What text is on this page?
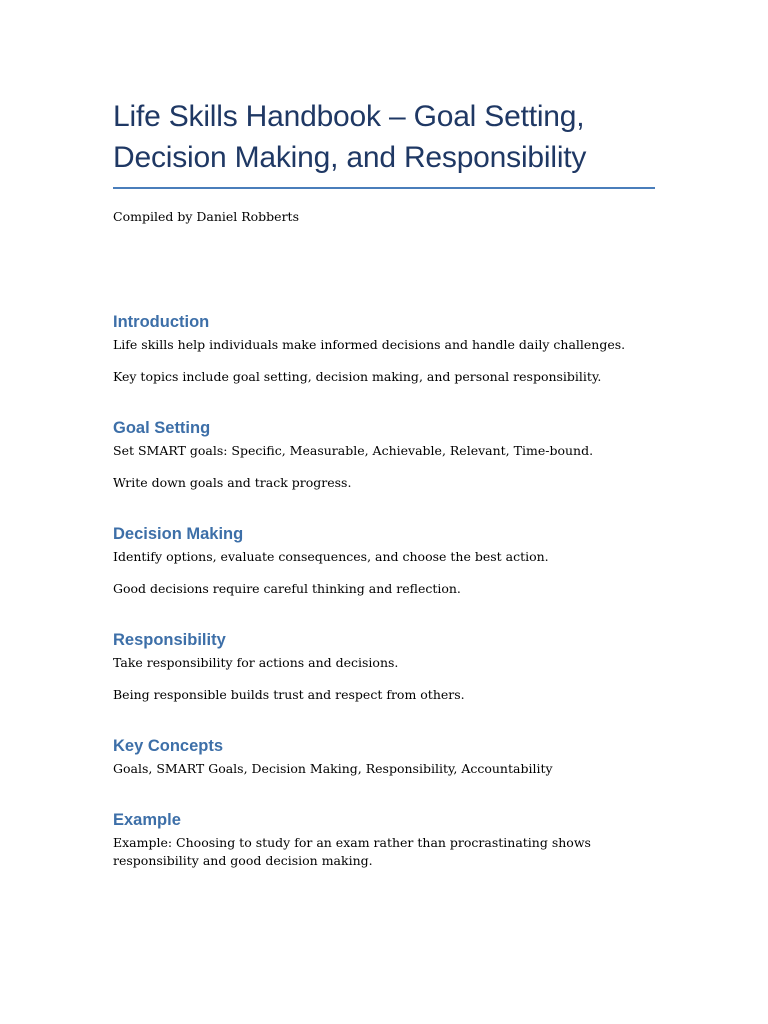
Life Skills Handbook – Goal Setting, Decision Making, and Responsibility

Compiled by Daniel Robberts

Introduction

Life skills help individuals make informed decisions and handle daily challenges.

Key topics include goal setting, decision making, and personal responsibility.

Goal Setting

Set SMART goals: Specific, Measurable, Achievable, Relevant, Time-bound.

Write down goals and track progress.

Decision Making

Identify options, evaluate consequences, and choose the best action.

Good decisions require careful thinking and reflection.

Responsibility

Take responsibility for actions and decisions.

Being responsible builds trust and respect from others.

Key Concepts

Goals, SMART Goals, Decision Making, Responsibility, Accountability

Example

Example: Choosing to study for an exam rather than procrastinating shows responsibility and good decision making.
